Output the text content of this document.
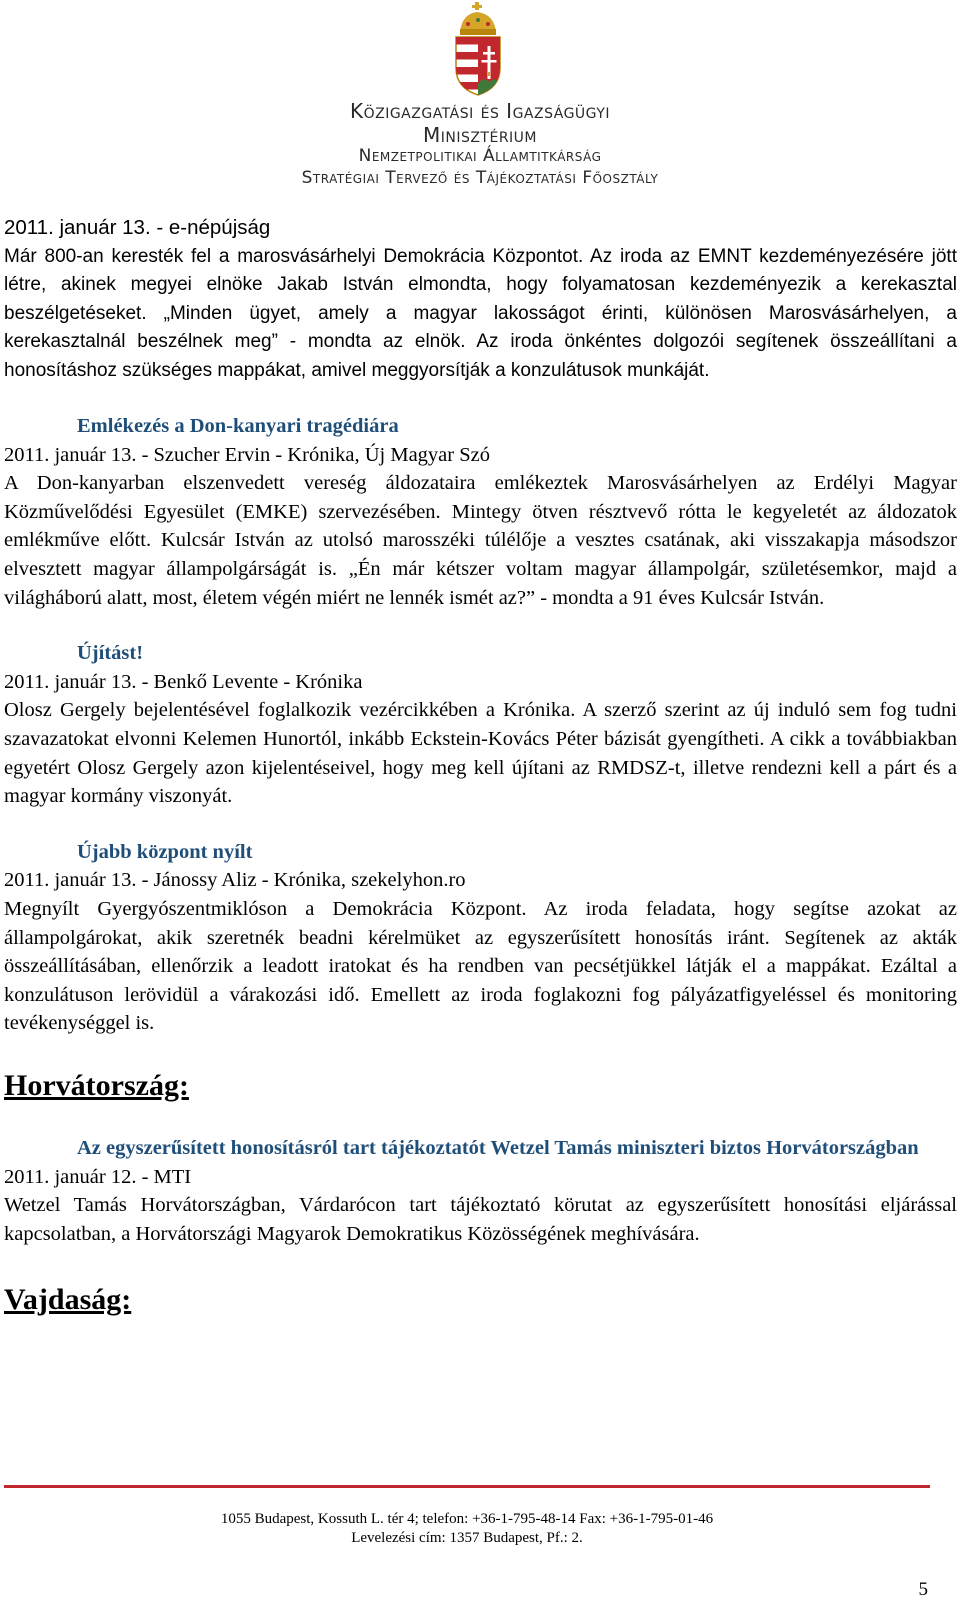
Közigazgatási és Igazságügyi
Minisztérium
Nemzetpolitikai Államtitkárság
Stratégiai Tervező és Tájékoztatási Főosztály

2011. január 13. - e-népújság

Már 800-an keresték fel a marosvásárhelyi Demokrácia Központot. Az iroda az EMNT kezdeményezésére jött létre, akinek megyei elnöke Jakab István elmondta, hogy folyamatosan kezdeményezik a kerekasztal beszélgetéseket. „Minden ügyet, amely a magyar lakosságot érinti, különösen Marosvásárhelyen, a kerekasztalnál beszélnek meg” - mondta az elnök. Az iroda önkéntes dolgozói segítenek összeállítani a honosításhoz szükséges mappákat, amivel meggyorsítják a konzulátusok munkáját.

Emlékezés a Don-kanyari tragédiára

2011. január 13. - Szucher Ervin - Krónika, Új Magyar Szó

A Don-kanyarban elszenvedett vereség áldozataira emlékeztek Marosvásárhelyen az Erdélyi Magyar Közművelődési Egyesület (EMKE) szervezésében. Mintegy ötven résztvevő rótta le kegyeletét az áldozatok emlékműve előtt. Kulcsár István az utolsó marosszéki túlélője a vesztes csatának, aki visszakapja másodszor elvesztett magyar állampolgárságát is. „Én már kétszer voltam magyar állampolgár, születésemkor, majd a világháború alatt, most, életem végén miért ne lennék ismét az?” - mondta a 91 éves Kulcsár István.

Újítást!

2011. január 13. - Benkő Levente - Krónika

Olosz Gergely bejelentésével foglalkozik vezércikkében a Krónika. A szerző szerint az új induló sem fog tudni szavazatokat elvonni Kelemen Hunortól, inkább Eckstein-Kovács Péter bázisát gyengítheti. A cikk a továbbiakban egyetért Olosz Gergely azon kijelentéseivel, hogy meg kell újítani az RMDSZ-t, illetve rendezni kell a párt és a magyar kormány viszonyát.

Újabb központ nyílt

2011. január 13. - Jánossy Aliz - Krónika, szekelyhon.ro

Megnyílt Gyergyószentmiklóson a Demokrácia Központ. Az iroda feladata, hogy segítse azokat az állampolgárokat, akik szeretnék beadni kérelmüket az egyszerűsített honosítás iránt. Segítenek az akták összeállításában, ellenőrzik a leadott iratokat és ha rendben van pecsétjükkel látják el a mappákat. Ezáltal a konzulátuson lerövidül a várakozási idő. Emellett az iroda foglakozni fog pályázatfigyeléssel és monitoring tevékenységgel is.

Horvátország:

Az egyszerűsített honosításról tart tájékoztatót Wetzel Tamás miniszteri biztos Horvátországban

2011. január 12. - MTI

Wetzel Tamás Horvátországban, Várdarócon tart tájékoztató körutat az egyszerűsített honosítási eljárással kapcsolatban, a Horvátországi Magyarok Demokratikus Közösségének meghívására.

Vajdaság:

1055 Budapest, Kossuth L. tér 4; telefon: +36-1-795-48-14 Fax: +36-1-795-01-46
Levelezési cím: 1357 Budapest, Pf.: 2.
5
